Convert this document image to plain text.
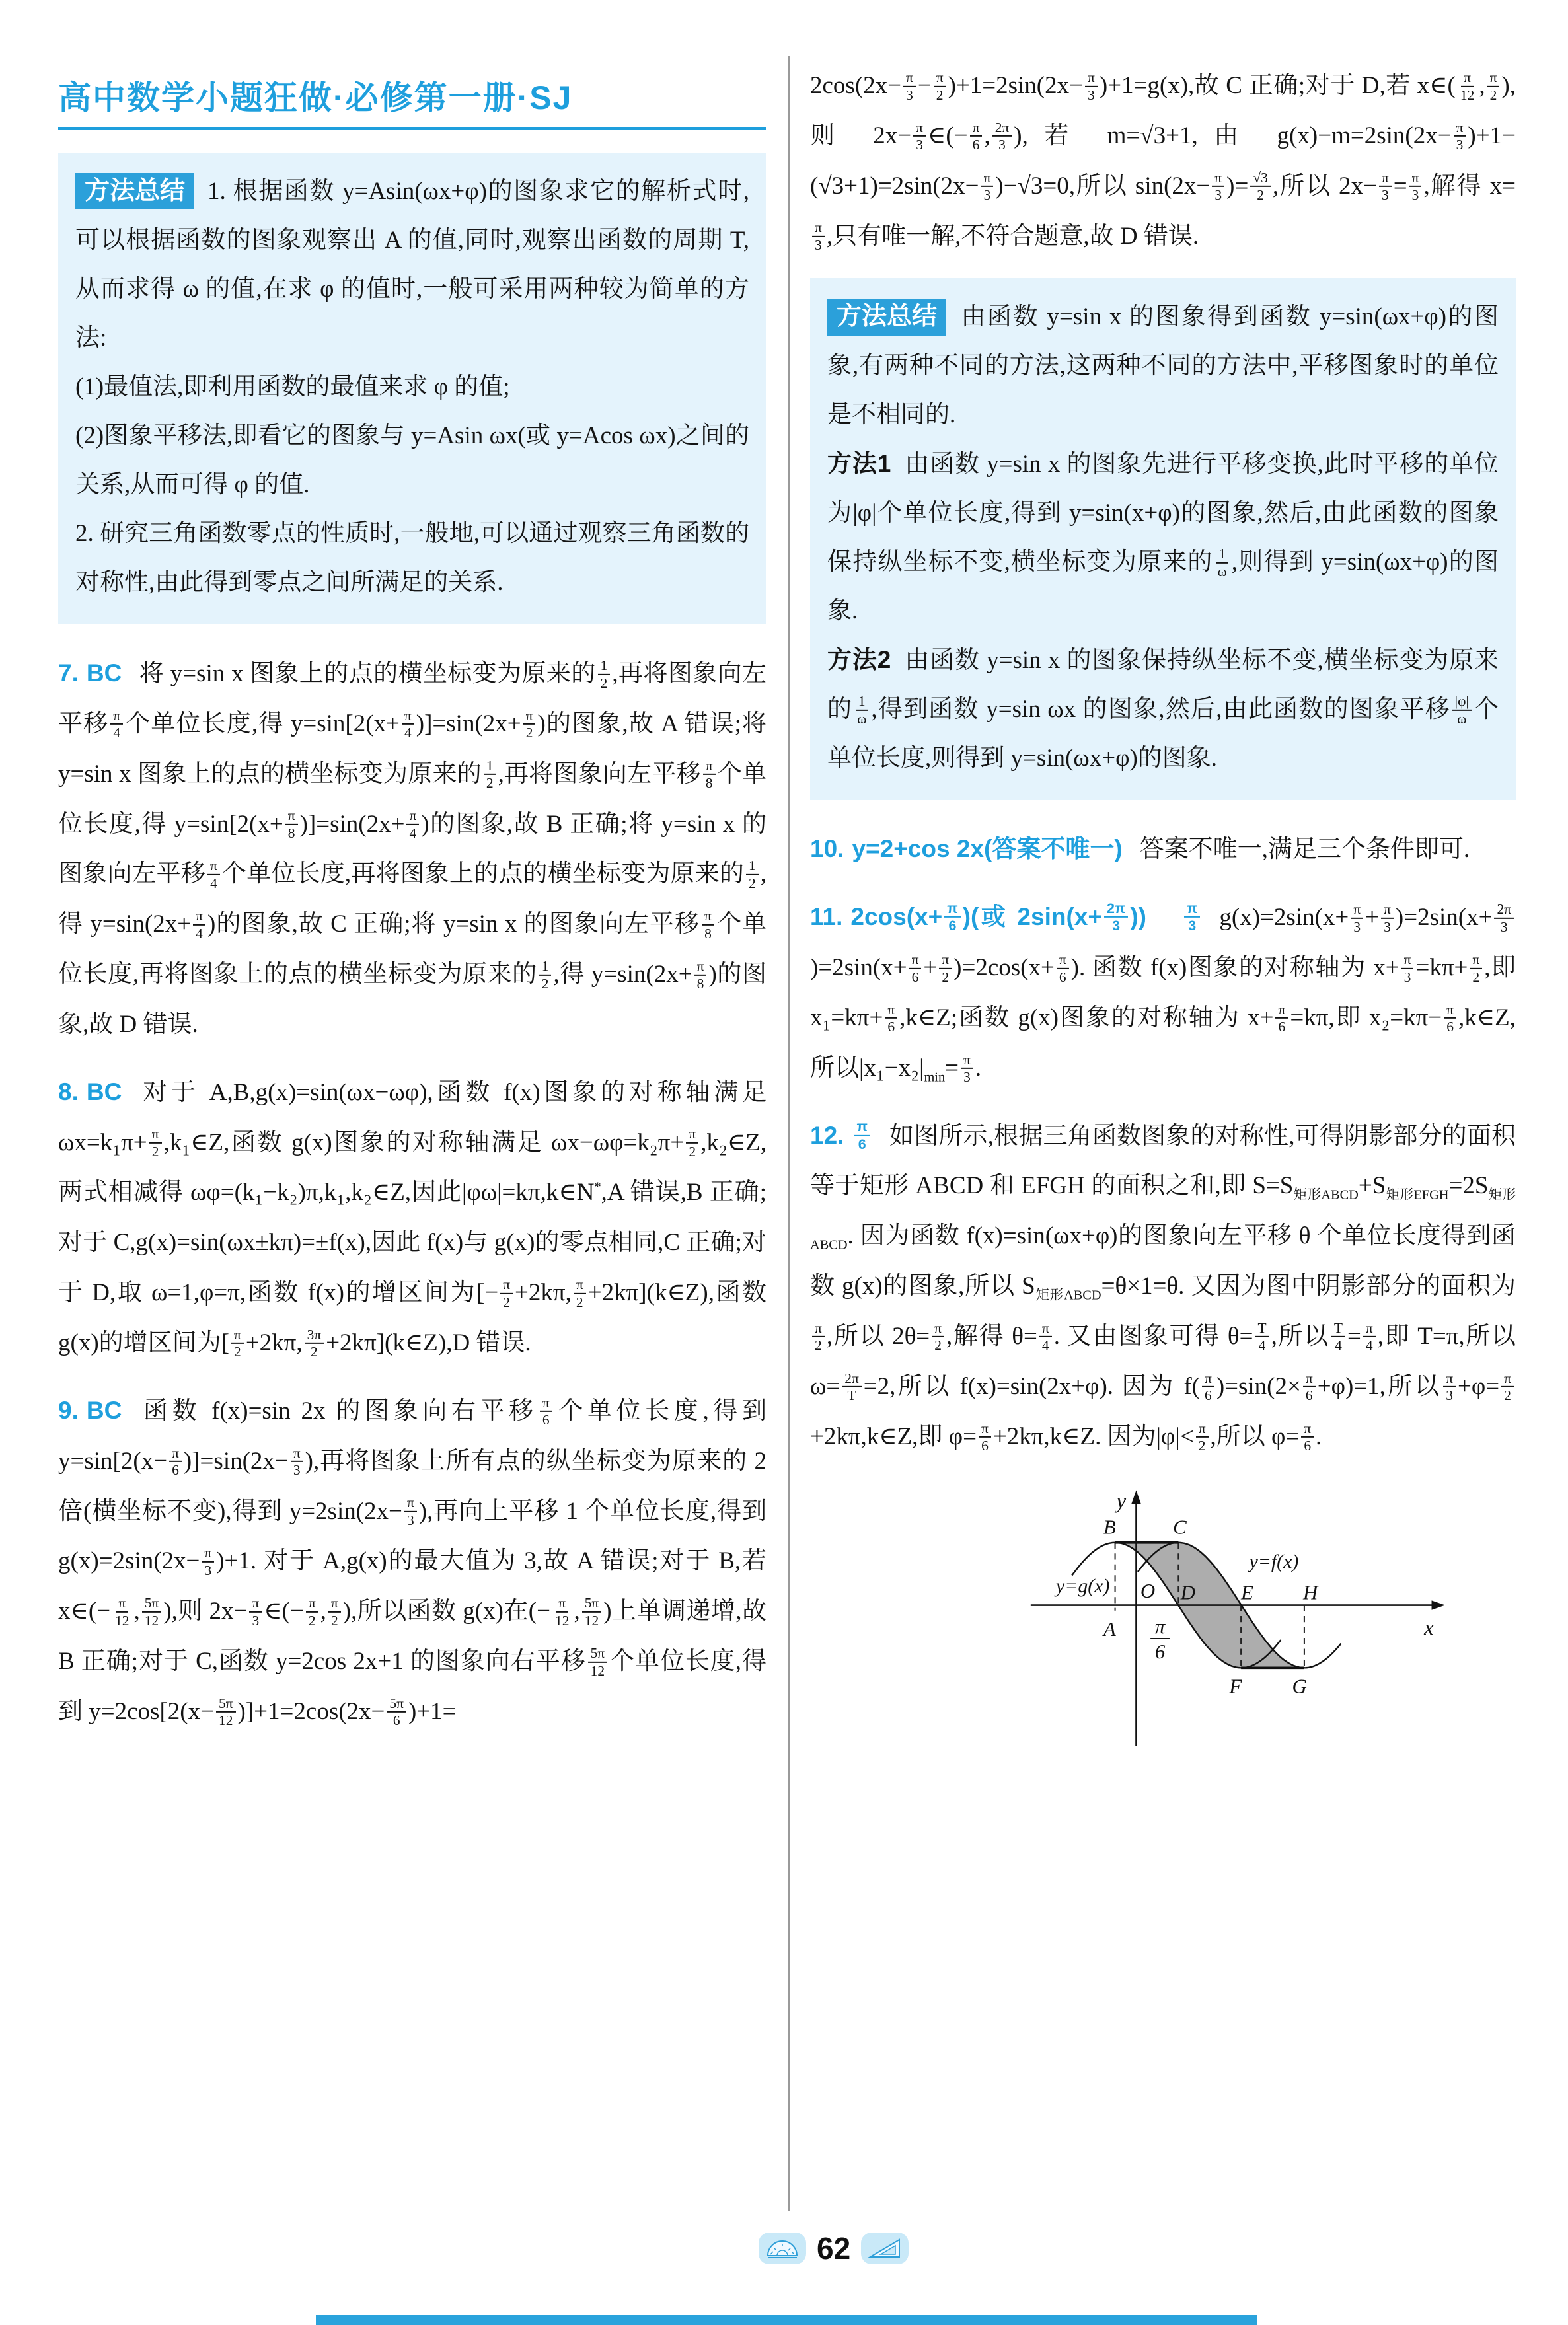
高中数学小题狂做·必修第一册·SJ

方法总结 1. 根据函数 y=Asin(ωx+φ)的图象求它的解析式时,可以根据函数的图象观察出 A 的值,同时,观察出函数的周期 T,从而求得 ω 的值,在求 φ 的值时,一般可采用两种较为简单的方法:

(1)最值法,即利用函数的最值来求 φ 的值;

(2)图象平移法,即看它的图象与 y=Asin ωx(或 y=Acos ωx)之间的关系,从而可得 φ 的值.

2. 研究三角函数零点的性质时,一般地,可以通过观察三角函数的对称性,由此得到零点之间所满足的关系.

7. BC 将 y=sin x 图象上的点的横坐标变为原来的 $\frac{1}{2}$ ,再将图象向左平移 $\frac{\pi}{4}$ 个单位长度,得 $y=\sin[2(x+ \frac{\pi}{4} )]=\sin(2x+ \frac{\pi}{2}$ )的图象,故 A 错误;将 y=sin x 图象上的点的横坐标变为原来的 $\frac{1}{2}$ ,再将图象向左平移 $\frac{\pi}{8}$ 个单位长度,得 $y=\sin[2(x+ \frac{\pi}{8} )]=\sin(2x+ \frac{\pi}{4}$ )的图象,故 B 正确;将 y=sin x 的图象向左平移 $\frac{\pi}{4}$ 个单位长度,再将图象上的点的横坐标变为原来的 $\frac{1}{2}$ ,得 $y=\sin(2x+ \frac{\pi}{4}$ )的图象,故 C 正确;将 y=sin x 的图象向左平移 $\frac{\pi}{8}$ 个单位长度,再将图象上的点的横坐标变为原来的 $\frac{1}{2}$ ,得 $y=\sin(2x+ \frac{\pi}{8}$ )的图象,故 D 错误.

8. BC 对于 A,B,g(x)=sin(ωx−ωφ),函数 f(x)图象的对称轴满足 $\omega x=k_1\pi+ \frac{\pi}{2}$ ,k₁∈Z,函数 g(x)图象的对称轴满足 $\omega x-\omega\varphi=k_2\pi+ \frac{\pi}{2}$ ,k₂∈Z,两式相减得 ωφ=(k₁−k₂)π,k₁,k₂∈Z,因此|φω|=kπ,k∈N*,A 错误,B 正确;对于 C,g(x)=sin(ωx±kπ)=±f(x),因此 f(x)与 g(x)的零点相同,C 正确;对于 D,取 ω=1,φ=π,函数 f(x)的增区间为[− $\frac{\pi}{2} +2k\pi$, $\frac{\pi}{2}$ +2kπ](k∈Z),函数 g(x)的增区间为[ $\frac{\pi}{2} +2k\pi$, $\frac{3\pi}{2}$ +2kπ](k∈Z),D 错误.

9. BC 函数 f(x)=sin 2x 的图象向右平移 $\frac{\pi}{6}$ 个单位长度,得到 $y=\sin[2(x- \frac{\pi}{6} )]=\sin(2x- \frac{\pi}{3}$ ),再将图象上所有点的纵坐标变为原来的 2 倍(横坐标不变),得到 $y=2\sin(2x- \frac{\pi}{3}$ ),再向上平移 1 个单位长度,得到 $g(x)=2\sin(2x- \frac{\pi}{3} )+1$. 对于 A,g(x)的最大值为 3,故 A 错误;对于 B,若 x∈(− $\frac{\pi}{12}$ , $\frac{5\pi}{12}$ ),则 $2x- \frac{\pi}{3}$ ∈(− $\frac{\pi}{2}$ , $\frac{\pi}{2}$ ),所以函数 g(x)在(− $\frac{\pi}{12}$ , $\frac{5\pi}{12}$ )上单调递增,故 B 正确;对于 C,函数 y=2cos 2x+1 的图象向右平移 $\frac{5\pi}{12}$ 个单位长度,得到 $y=2\cos[2(x- \frac{5\pi}{12} )]+1=2\cos(2x- \frac{5\pi}{6} )+1=$

$2\cos(2x- \frac{\pi}{3} - \frac{\pi}{2} )+1=2\sin(2x- \frac{\pi}{3} )+1=g(x)$,故 C 正确;对于 D,若 x∈( $\frac{\pi}{12}$ , $\frac{\pi}{2}$ ),则 $2x- \frac{\pi}{3}$ ∈(− $\frac{\pi}{6}$ , $\frac{2\pi}{3}$ ),若 m=√3+1,由 $g(x)-m=2\sin(2x- \frac{\pi}{3} )+1-(√3+1)=2\sin(2x- \frac{\pi}{3} )-√3=0$,所以 $\sin(2x- \frac{\pi}{3}$ )= $\frac{√3}{2}$ ,所以 $2x- \frac{\pi}{3} = \frac{\pi}{3}$ ,解得 x=
$\frac{\pi}{3}$ ,只有唯一解,不符合题意,故 D 错误.

方法总结 由函数 y=sin x 的图象得到函数 y=sin(ωx+φ)的图象,有两种不同的方法,这两种不同的方法中,平移图象时的单位是不相同的.

方法1 由函数 y=sin x 的图象先进行平移变换,此时平移的单位为|φ|个单位长度,得到 y=sin(x+φ)的图象,然后,由此函数的图象保持纵坐标不变,横坐标变为原来的 $\frac{1}{\omega}$ ,则得到 y=sin(ωx+φ)的图象.

方法2 由函数 y=sin x 的图象保持纵坐标不变,横坐标变为原来的 $\frac{1}{\omega}$ ,得到函数 y=sin ωx 的图象,然后,由此函数的图象平移 $\frac{|\varphi|}{\omega}$ 个单位长度,则得到 y=sin(ωx+φ)的图象.

10. y=2+cos 2x(答案不唯一) 答案不唯一,满足三个条件即可.

11. $2\cos(x+ \frac{\pi}{6}$ )(或 $2\sin(x+ \frac{2\pi}{3}$ ))	$\frac{\pi}{3} g(x)=2\sin(x+ \frac{\pi}{3} + \frac{\pi}{3} )=2\sin(x+ \frac{2\pi}{3}$
)$=2\sin(x+ \frac{\pi}{6} + \frac{\pi}{2} )=2\cos(x+ \frac{\pi}{6}$ ). 函数 f(x)图象的对称轴为 $x+ \frac{\pi}{3} =k\pi+ \frac{\pi}{2}$ ,即 $x_1=k\pi+ \frac{\pi}{6}$ ,k∈Z;函数 g(x)图象的对称轴为 $x+ \frac{\pi}{6} =k\pi$,即 $x_2=k\pi- \frac{\pi}{6}$ ,k∈Z,所以$|x_1-x_2|_{min}= \frac{\pi}{3}$ .

12. $\frac{\pi}{6}$ 如图所示,根据三角函数图象的对称性,可得阴影部分的面积等于矩形 ABCD 和 EFGH 的面积之和,即 $S=S_{矩形ABCD}+S_{矩形EFGH}=2S_{矩形ABCD}$. 因为函数 f(x)=sin(ωx+φ)的图象向左平移 θ 个单位长度得到函数 g(x)的图象,所以 $S_{矩形ABCD}=\theta\times 1=\theta$. 又因为图中阴影部分的面积为
$\frac{\pi}{2}$ ,所以 $2\theta= \frac{\pi}{2}$ ,解得 $\theta= \frac{\pi}{4}$ . 又由图象可得 $\theta= \frac{T}{4}$ ,所以 $\frac{T}{4} = \frac{\pi}{4}$ ,即 T=π,所以 $\omega= \frac{2\pi}{T} =2$,所以 f(x)=sin(2x+φ). 因为 $f( \frac{\pi}{6} )=\sin(2\times \frac{\pi}{6} +\varphi)=1$,所以 $\frac{\pi}{3} +\varphi= \frac{\pi}{2}$
+2kπ,k∈Z,即 $\varphi= \frac{\pi}{6}$ +2kπ,k∈Z. 因为$|\varphi|< \frac{\pi}{2}$ ,所以 $\varphi= \frac{\pi}{6}$ .

y
x
O
B	C
A
D E	H
F	G
π
6
y=f(x)
y=g(x)
62
